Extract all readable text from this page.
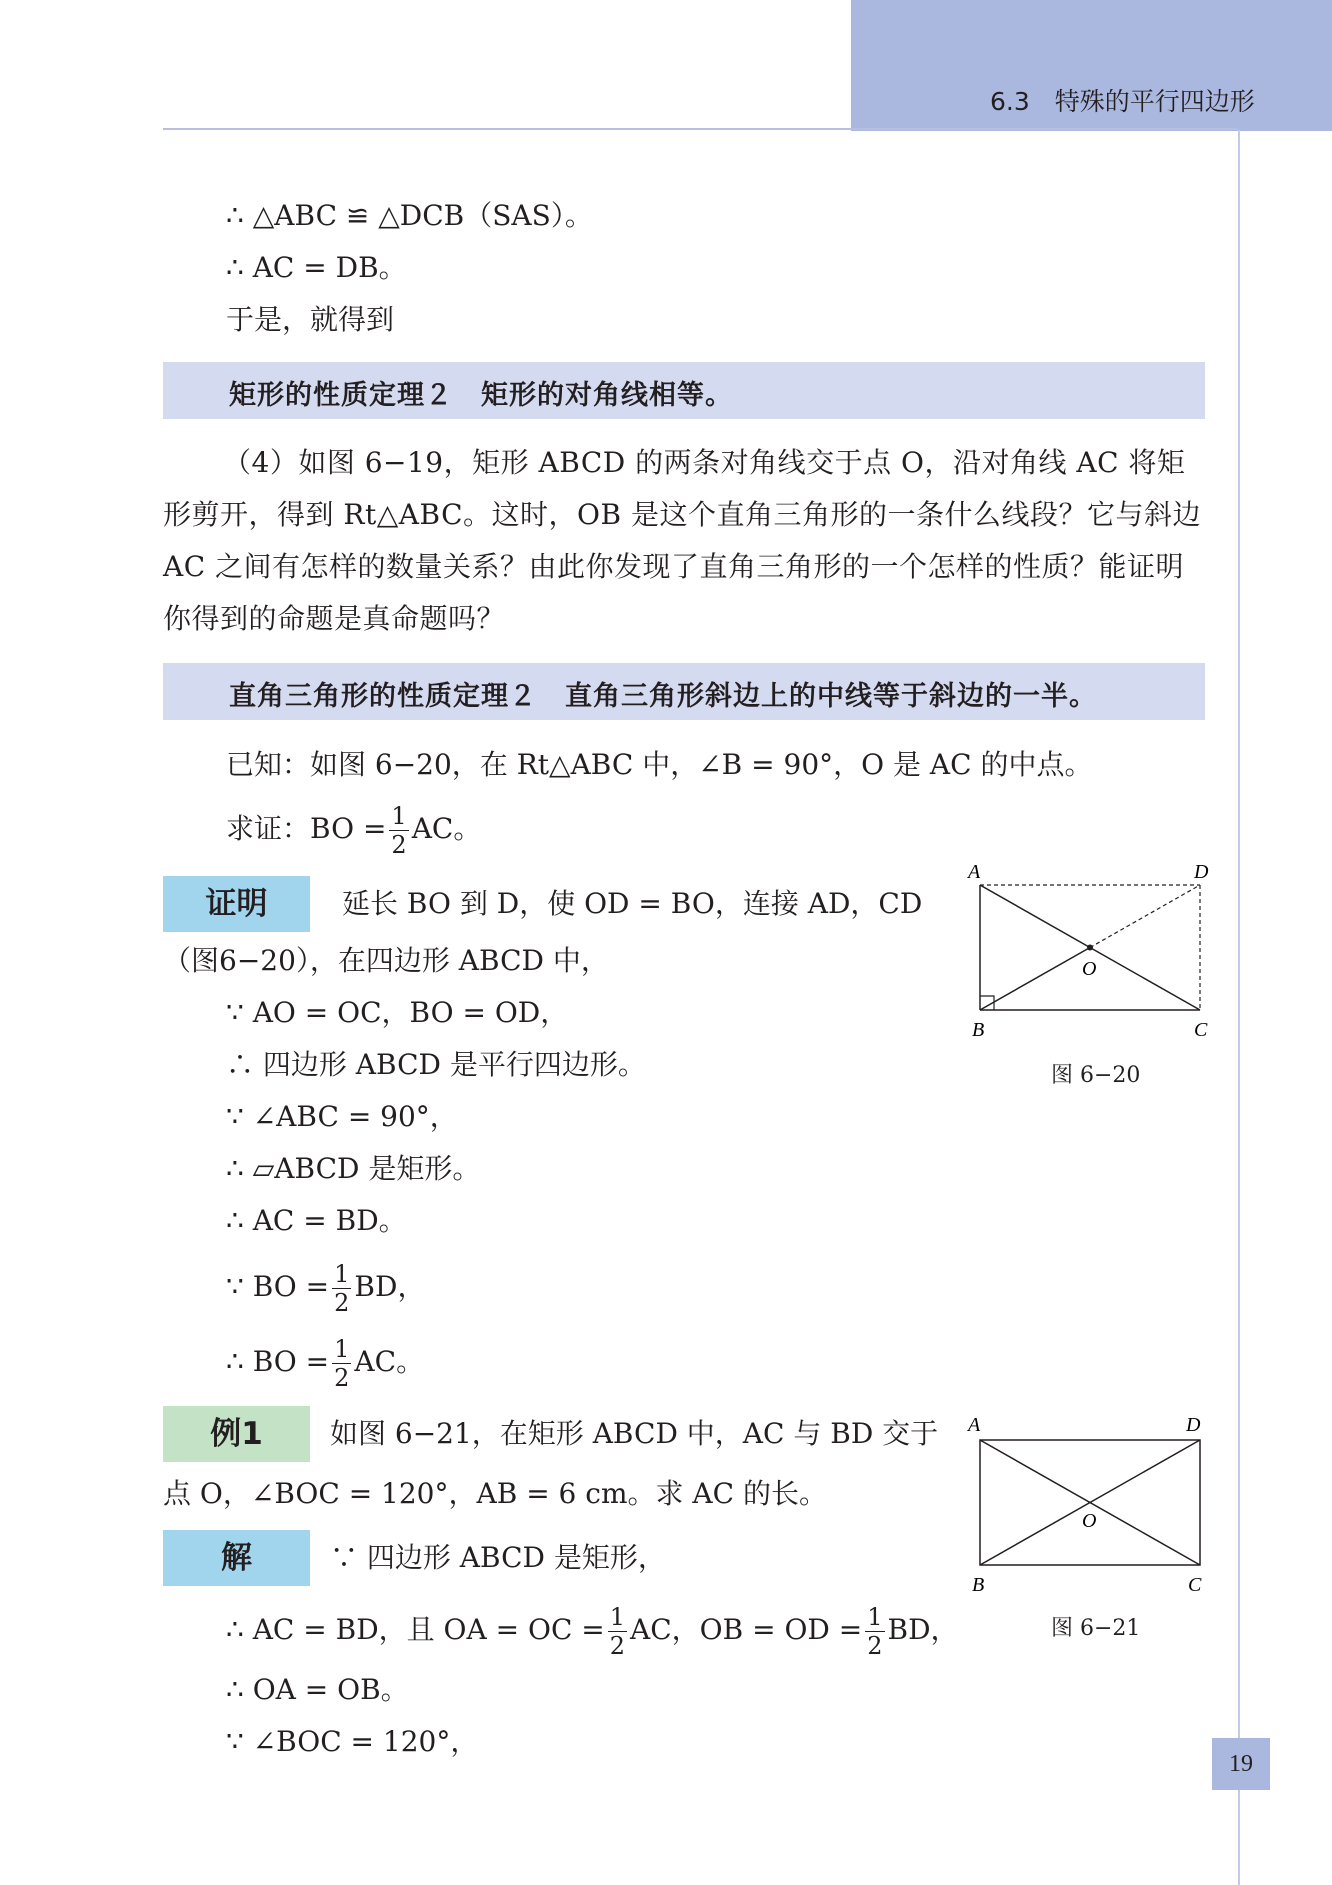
6.3　特殊的平行四边形
∴ △ABC ≌ △DCB（SAS）。
∴ AC = DB。
于是，就得到
矩形的性质定理２　矩形的对角线相等。
（4）如图 6−19，矩形 ABCD 的两条对角线交于点 O，沿对角线 AC 将矩形剪开，得到 Rt△ABC。这时，OB 是这个直角三角形的一条什么线段？它与斜边 AC 之间有怎样的数量关系？由此你发现了直角三角形的一个怎样的性质？能证明你得到的命题是真命题吗？
直角三角形的性质定理２　直角三角形斜边上的中线等于斜边的一半。
已知：如图 6−20，在 Rt△ABC 中，∠B = 90°，O 是 AC 的中点。
求证：BO = $\frac{1}{2}$ AC。
证明	延长 BO 到 D，使 OD = BO，连接 AD，CD
（图6−20），在四边形 ABCD 中，
∵ AO = OC，BO = OD，
∴ 四边形 ABCD 是平行四边形。
∵ ∠ABC = 90°，
∴ ▱ABCD 是矩形。
∴ AC = BD。
∵ BO = $\frac{1}{2}$ BD，
∴ BO = $\frac{1}{2}$ AC。
例1	如图 6−21，在矩形 ABCD 中，AC 与 BD 交于
点 O，∠BOC = 120°，AB = 6 cm。求 AC 的长。
解	∵ 四边形 ABCD 是矩形，
∴ AC = BD，且 OA = OC = $\frac{1}{2}$ AC，OB = OD = $\frac{1}{2}$ BD，
∴ OA = OB。
∵ ∠BOC = 120°，
A	D
B	C
O
图 6−20
A	D
B	C
O
图 6−21
19
